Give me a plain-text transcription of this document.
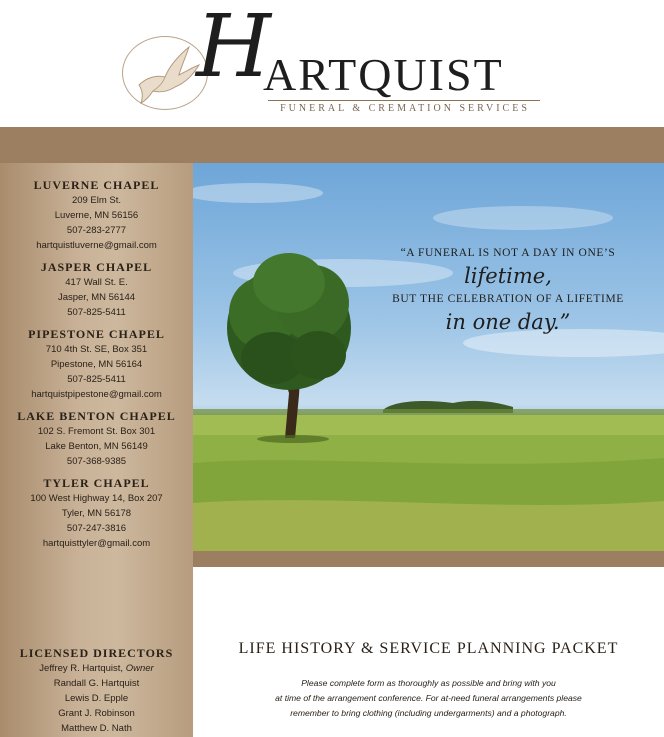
H
ARTQUIST
FUNERAL & CREMATION SERVICES
LUVERNE CHAPEL
209 Elm St.
Luverne, MN 56156
507-283-2777
hartquistluverne@gmail.com
JASPER CHAPEL
417 Wall St. E.
Jasper, MN 56144
507-825-5411
PIPESTONE CHAPEL
710 4th St. SE, Box 351
Pipestone, MN 56164
507-825-5411
hartquistpipestone@gmail.com
LAKE BENTON CHAPEL
102 S. Fremont St. Box 301
Lake Benton, MN 56149
507-368-9385
TYLER CHAPEL
100 West Highway 14, Box 207
Tyler, MN 56178
507-247-3816
hartquisttyler@gmail.com
LICENSED DIRECTORS
Jeffrey R. Hartquist, Owner
Randall G. Hartquist
Lewis D. Epple
Grant J. Robinson
Matthew D. Nath
“A FUNERAL IS NOT A DAY IN ONE’S
lifetime,
BUT THE CELEBRATION OF A LIFETIME
in one day.”
LIFE HISTORY & SERVICE PLANNING PACKET
Please complete form as thoroughly as possible and bring with you
at time of the arrangement conference. For at-need funeral arrangements please
remember to bring clothing (including undergarments) and a photograph.
